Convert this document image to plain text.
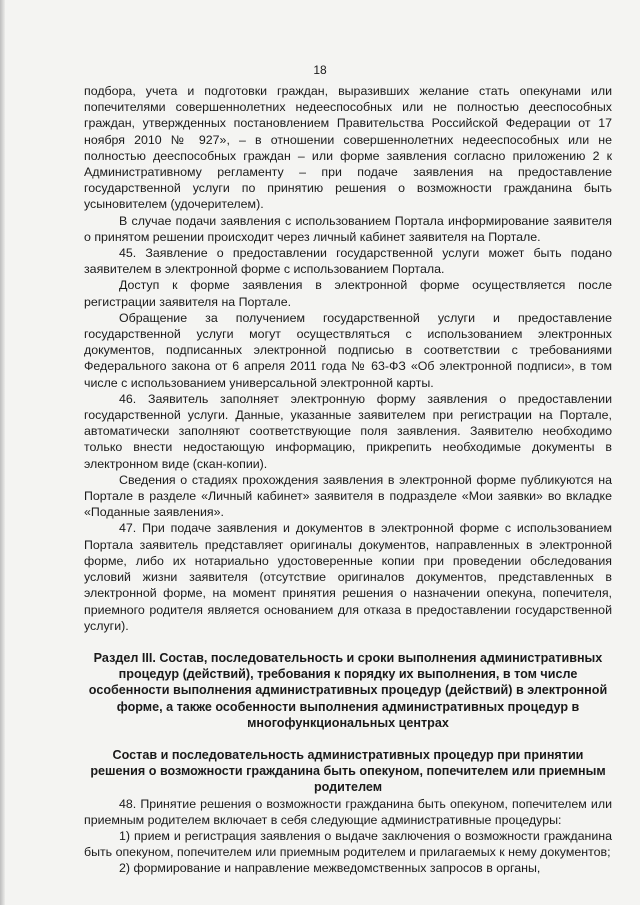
18

подбора, учета и подготовки граждан, выразивших желание стать опекунами или попечителями совершеннолетних недееспособных или не полностью дееспособных граждан, утвержденных постановлением Правительства Российской Федерации от 17 ноября 2010 № 927», – в отношении совершеннолетних недееспособных или не полностью дееспособных граждан – или форме заявления согласно приложению 2 к Административному регламенту – при подаче заявления на предоставление государственной услуги по принятию решения о возможности гражданина быть усыновителем (удочерителем).

В случае подачи заявления с использованием Портала информирование заявителя о принятом решении происходит через личный кабинет заявителя на Портале.

45. Заявление о предоставлении государственной услуги может быть подано заявителем в электронной форме с использованием Портала.

Доступ к форме заявления в электронной форме осуществляется после регистрации заявителя на Портале.

Обращение за получением государственной услуги и предоставление государственной услуги могут осуществляться с использованием электронных документов, подписанных электронной подписью в соответствии с требованиями Федерального закона от 6 апреля 2011 года № 63-ФЗ «Об электронной подписи», в том числе с использованием универсальной электронной карты.

46. Заявитель заполняет электронную форму заявления о предоставлении государственной услуги. Данные, указанные заявителем при регистрации на Портале, автоматически заполняют соответствующие поля заявления. Заявителю необходимо только внести недостающую информацию, прикрепить необходимые документы в электронном виде (скан-копии).

Сведения о стадиях прохождения заявления в электронной форме публикуются на Портале в разделе «Личный кабинет» заявителя в подразделе «Мои заявки» во вкладке «Поданные заявления».

47. При подаче заявления и документов в электронной форме с использованием Портала заявитель представляет оригиналы документов, направленных в электронной форме, либо их нотариально удостоверенные копии при проведении обследования условий жизни заявителя (отсутствие оригиналов документов, представленных в электронной форме, на момент принятия решения о назначении опекуна, попечителя, приемного родителя является основанием для отказа в предоставлении государственной услуги).

Раздел III. Состав, последовательность и сроки выполнения административных процедур (действий), требования к порядку их выполнения, в том числе особенности выполнения административных процедур (действий) в электронной форме, а также особенности выполнения административных процедур в многофункциональных центрах
Состав и последовательность административных процедур при принятии решения о возможности гражданина быть опекуном, попечителем или приемным родителем

48. Принятие решения о возможности гражданина быть опекуном, попечителем или приемным родителем включает в себя следующие административные процедуры:

1) прием и регистрация заявления о выдаче заключения о возможности гражданина быть опекуном, попечителем или приемным родителем и прилагаемых к нему документов;

2) формирование и направление межведомственных запросов в органы,
